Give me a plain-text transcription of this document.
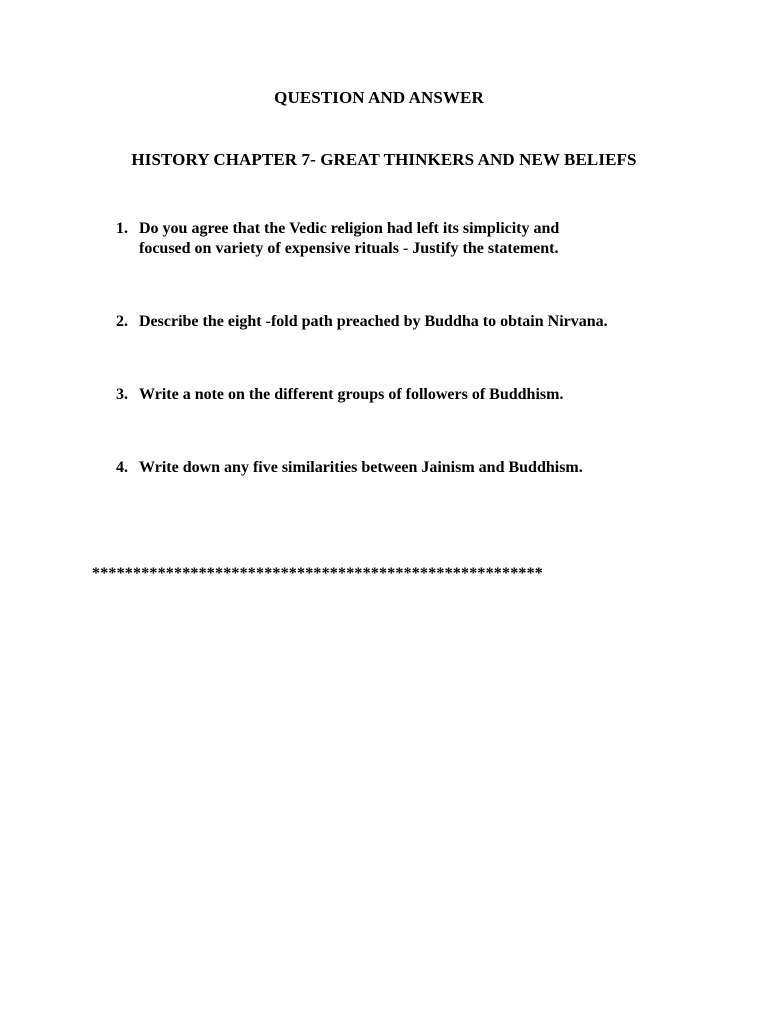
QUESTION AND ANSWER
HISTORY CHAPTER 7- GREAT THINKERS AND NEW BELIEFS
1. Do you agree that the Vedic religion had left its simplicity and
focused on variety of expensive rituals - Justify the statement.
2. Describe the eight -fold path preached by Buddha to obtain Nirvana.
3. Write a note on the different groups of followers of Buddhism.
4. Write down any five similarities between Jainism and Buddhism.
*******************************************************
